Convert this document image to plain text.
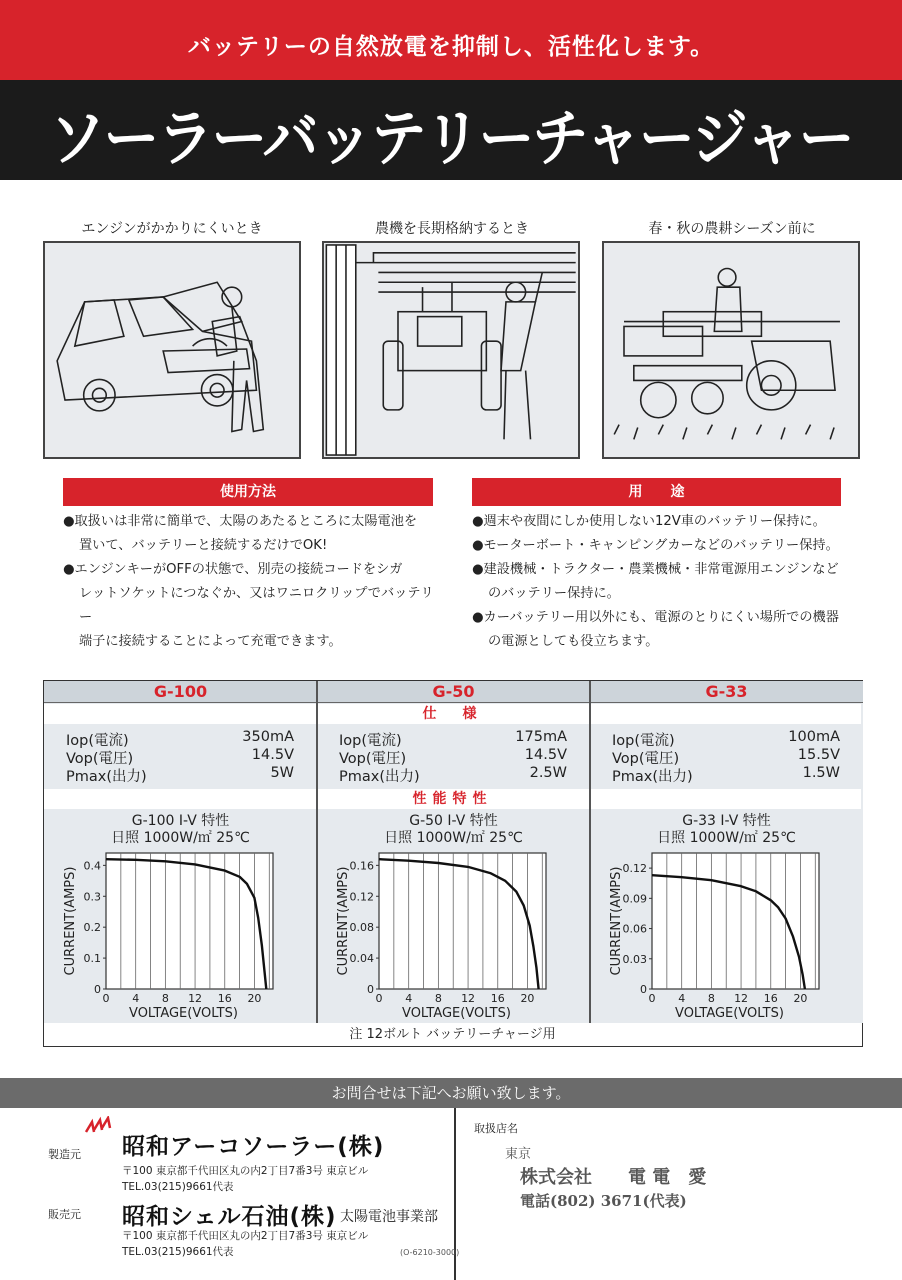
バッテリーの自然放電を抑制し、活性化します。
ソーラーバッテリーチャージャー
エンジンがかかりにくいとき	農機を長期格納するとき	春・秋の農耕シーズン前に
使用方法	用　　途

●取扱いは非常に簡単で、太陽のあたるところに太陽電池を

置いて、バッテリーと接続するだけでOK!

●エンジンキーがOFFの状態で、別売の接続コードをシガ

レットソケットにつなぐか、又はワニロクリップでバッテリー

端子に接続することによって充電できます。

●週末や夜間にしか使用しない12V車のバッテリー保持に。

●モーターボート・キャンピングカーなどのバッテリー保持。

●建設機械・トラクター・農業機械・非常電源用エンジンなど

のバッテリー保持に。

●カーバッテリー用以外にも、電源のとりにくい場所での機器

の電源としても役立ちます。

G-100	G-50	G-33
仕　様
性能特性
Iop(電流)	350mA
Vop(電圧)	14.5V
Pmax(出力)	5W
Iop(電流)	175mA
Vop(電圧)	14.5V
Pmax(出力)	2.5W
Iop(電流)	100mA
Vop(電圧)	15.5V
Pmax(出力)	1.5W
G-100 I-V 特性
日照 1000W/㎡ 25℃
G-50 I-V 特性
日照 1000W/㎡ 25℃
G-33 I-V 特性
日照 1000W/㎡ 25℃
0
0.1
0.2
0.3
0.4
0 4 8 12 16 20
VOLTAGE(VOLTS)
CURRENT(AMPS)
0
0.04
0.08
0.12
0.16
0 4 8 12 16 20
VOLTAGE(VOLTS)
CURRENT(AMPS)
0
0.03
0.06
0.09
0.12
0 4 8 12 16 20
VOLTAGE(VOLTS)
CURRENT(AMPS)
注 12ボルト バッテリーチャージ用
お問合せは下記へお願い致します。
製造元 昭和アーコソーラー(株)
〒100 東京都千代田区丸の内2丁目7番3号 東京ビル
TEL.03(215)9661代表
販売元 昭和シェル石油(株) 太陽電池事業部
〒100 東京都千代田区丸の内2丁目7番3号 東京ビル
TEL.03(215)9661代表	(O-6210-3000)
取扱店名
東京
株式会社　　電 電　愛
電話(802) 3671(代表)
